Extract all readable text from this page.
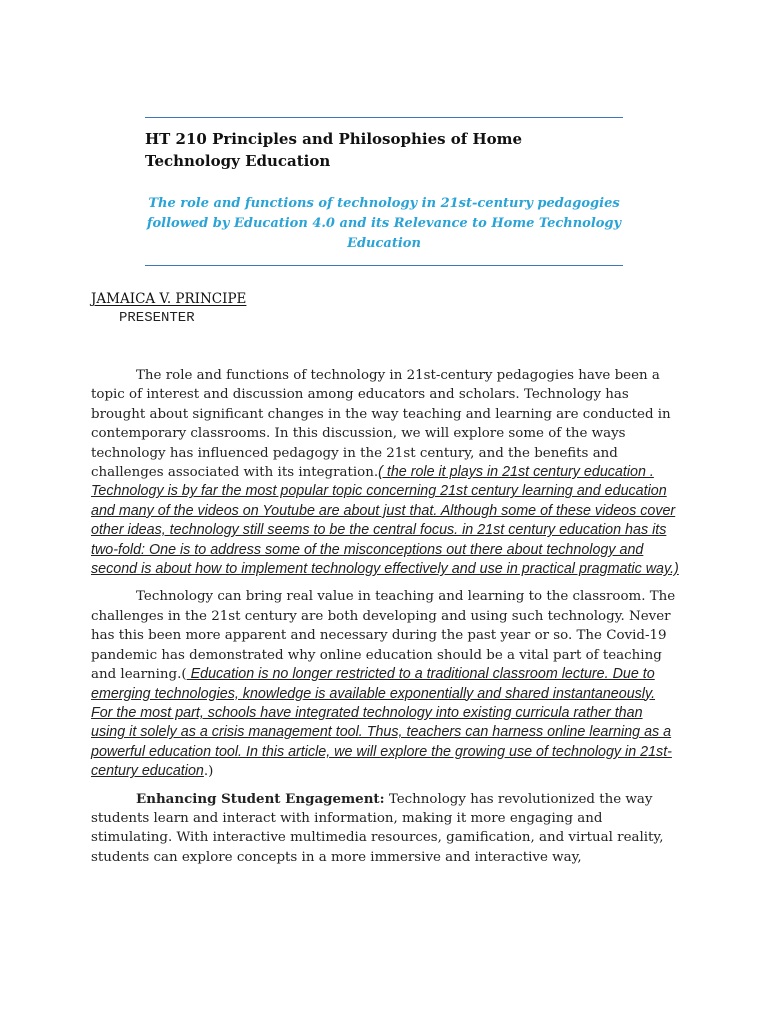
HT 210 Principles and Philosophies of Home Technology Education
The role and functions of technology in 21st-century pedagogies followed by Education 4.0 and its Relevance to Home Technology Education
JAMAICA V. PRINCIPE
PRESENTER

The role and functions of technology in 21st-century pedagogies have been a topic of interest and discussion among educators and scholars. Technology has brought about significant changes in the way teaching and learning are conducted in contemporary classrooms. In this discussion, we will explore some of the ways technology has influenced pedagogy in the 21st century, and the benefits and challenges associated with its integration.( the role it plays in 21st century education . Technology is by far the most popular topic concerning 21st century learning and education and many of the videos on Youtube are about just that. Although some of these videos cover other ideas, technology still seems to be the central focus. in 21st century education has its two-fold: One is to address some of the misconceptions out there about technology and second is about how to implement technology effectively and use in practical pragmatic way.)

Technology can bring real value in teaching and learning to the classroom. The challenges in the 21st century are both developing and using such technology. Never has this been more apparent and necessary during the past year or so. The Covid-19 pandemic has demonstrated why online education should be a vital part of teaching and learning.( Education is no longer restricted to a traditional classroom lecture. Due to emerging technologies, knowledge is available exponentially and shared instantaneously. For the most part, schools have integrated technology into existing curricula rather than using it solely as a crisis management tool. Thus, teachers can harness online learning as a powerful education tool. In this article, we will explore the growing use of technology in 21st-century education.)

Enhancing Student Engagement: Technology has revolutionized the way students learn and interact with information, making it more engaging and stimulating. With interactive multimedia resources, gamification, and virtual reality, students can explore concepts in a more immersive and interactive way,
